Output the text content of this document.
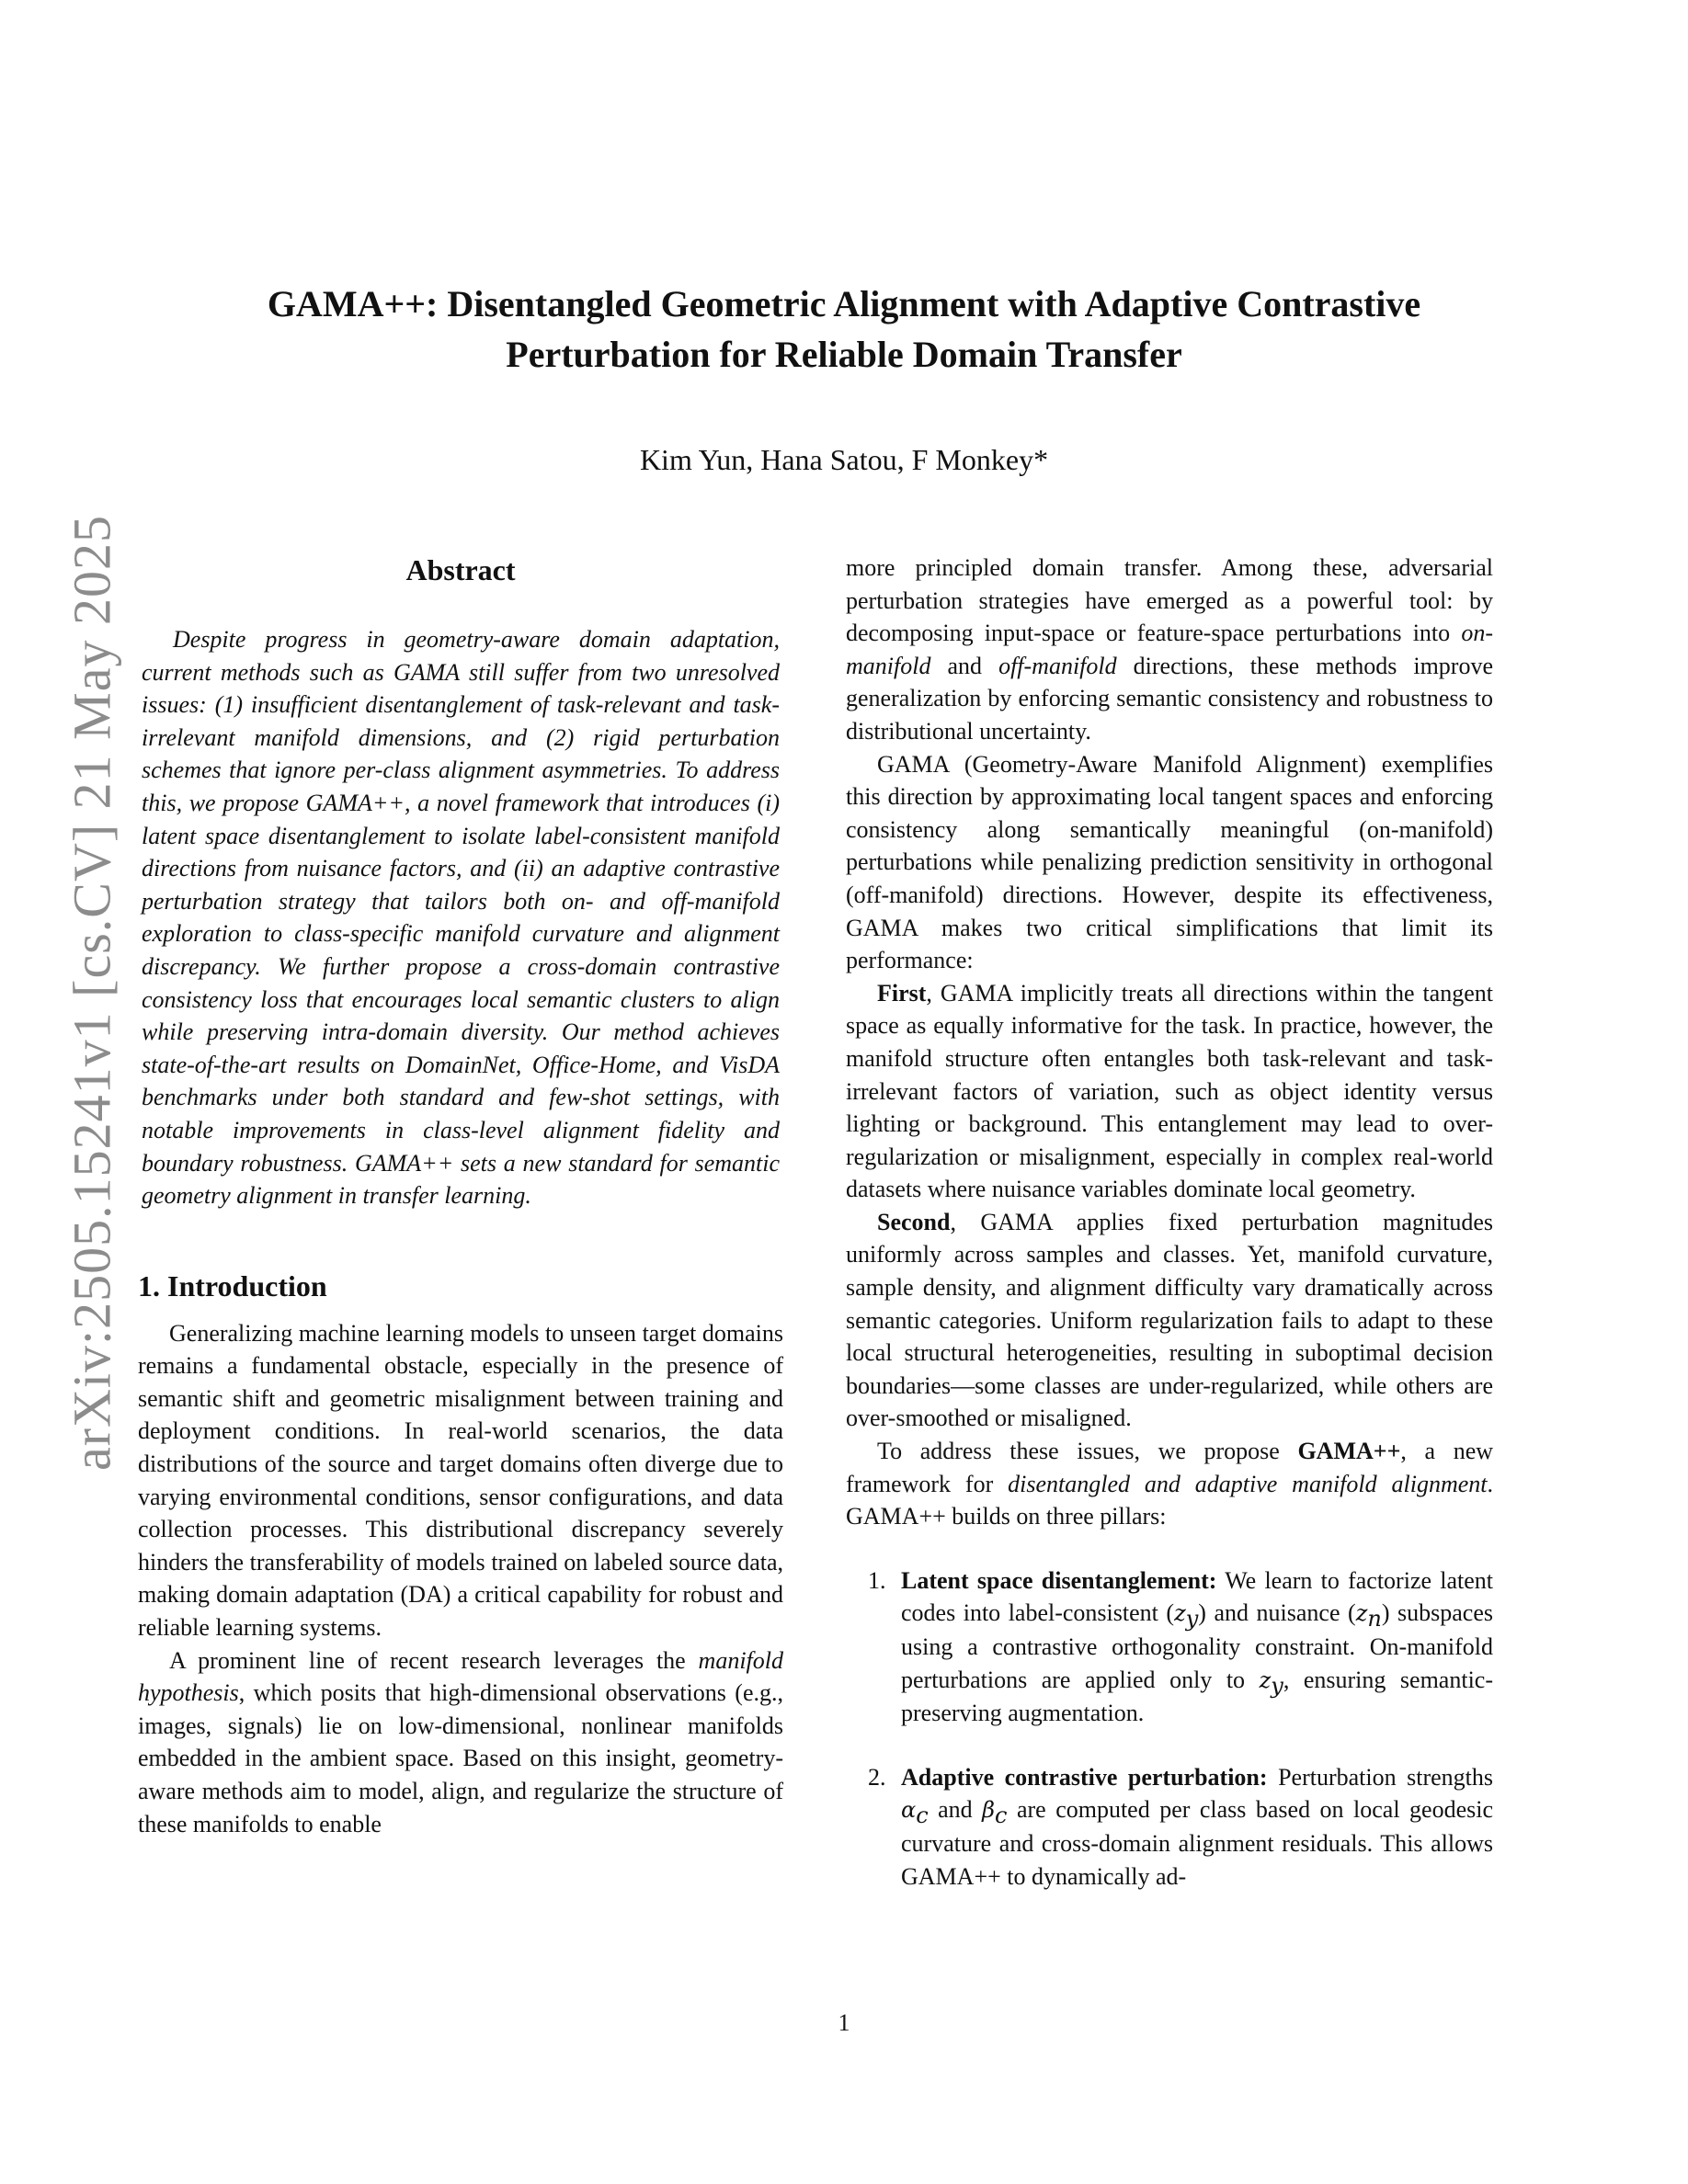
arXiv:2505.15241v1 [cs.CV] 21 May 2025
GAMA++: Disentangled Geometric Alignment with Adaptive Contrastive
Perturbation for Reliable Domain Transfer
Kim Yun, Hana Satou, F Monkey*
Abstract

Despite progress in geometry-aware domain adaptation, current methods such as GAMA still suffer from two unresolved issues: (1) insufficient disentanglement of task-relevant and task-irrelevant manifold dimensions, and (2) rigid perturbation schemes that ignore per-class alignment asymmetries. To address this, we propose GAMA++, a novel framework that introduces (i) latent space disentanglement to isolate label-consistent manifold directions from nuisance factors, and (ii) an adaptive contrastive perturbation strategy that tailors both on- and off-manifold exploration to class-specific manifold curvature and alignment discrepancy. We further propose a cross-domain contrastive consistency loss that encourages local semantic clusters to align while preserving intra-domain diversity. Our method achieves state-of-the-art results on DomainNet, Office-Home, and VisDA benchmarks under both standard and few-shot settings, with notable improvements in class-level alignment fidelity and boundary robustness. GAMA++ sets a new standard for semantic geometry alignment in transfer learning.

1. Introduction

Generalizing machine learning models to unseen target domains remains a fundamental obstacle, especially in the presence of semantic shift and geometric misalignment between training and deployment conditions. In real-world scenarios, the data distributions of the source and target domains often diverge due to varying environmental conditions, sensor configurations, and data collection processes. This distributional discrepancy severely hinders the transferability of models trained on labeled source data, making domain adaptation (DA) a critical capability for robust and reliable learning systems.

A prominent line of recent research leverages the manifold hypothesis, which posits that high-dimensional observations (e.g., images, signals) lie on low-dimensional, nonlinear manifolds embedded in the ambient space. Based on this insight, geometry-aware methods aim to model, align, and regularize the structure of these manifolds to enable

more principled domain transfer. Among these, adversarial perturbation strategies have emerged as a powerful tool: by decomposing input-space or feature-space perturbations into on-manifold and off-manifold directions, these methods improve generalization by enforcing semantic consistency and robustness to distributional uncertainty.

GAMA (Geometry-Aware Manifold Alignment) exemplifies this direction by approximating local tangent spaces and enforcing consistency along semantically meaningful (on-manifold) perturbations while penalizing prediction sensitivity in orthogonal (off-manifold) directions. However, despite its effectiveness, GAMA makes two critical simplifications that limit its performance:

First, GAMA implicitly treats all directions within the tangent space as equally informative for the task. In practice, however, the manifold structure often entangles both task-relevant and task-irrelevant factors of variation, such as object identity versus lighting or background. This entanglement may lead to over-regularization or misalignment, especially in complex real-world datasets where nuisance variables dominate local geometry.

Second, GAMA applies fixed perturbation magnitudes uniformly across samples and classes. Yet, manifold curvature, sample density, and alignment difficulty vary dramatically across semantic categories. Uniform regularization fails to adapt to these local structural heterogeneities, resulting in suboptimal decision boundaries—some classes are under-regularized, while others are over-smoothed or misaligned.

To address these issues, we propose GAMA++, a new framework for disentangled and adaptive manifold alignment. GAMA++ builds on three pillars:

1. Latent space disentanglement: We learn to factorize latent codes into label-consistent $(z_y)$ and nuisance $(z_n)$ subspaces using a contrastive orthogonality constraint. On-manifold perturbations are applied only to $z_y$, ensuring semantic-preserving augmentation.
2. Adaptive contrastive perturbation: Perturbation strengths $\alpha_c$ and $\beta_c$ are computed per class based on local geodesic curvature and cross-domain alignment residuals. This allows GAMA++ to dynamically ad-
1
